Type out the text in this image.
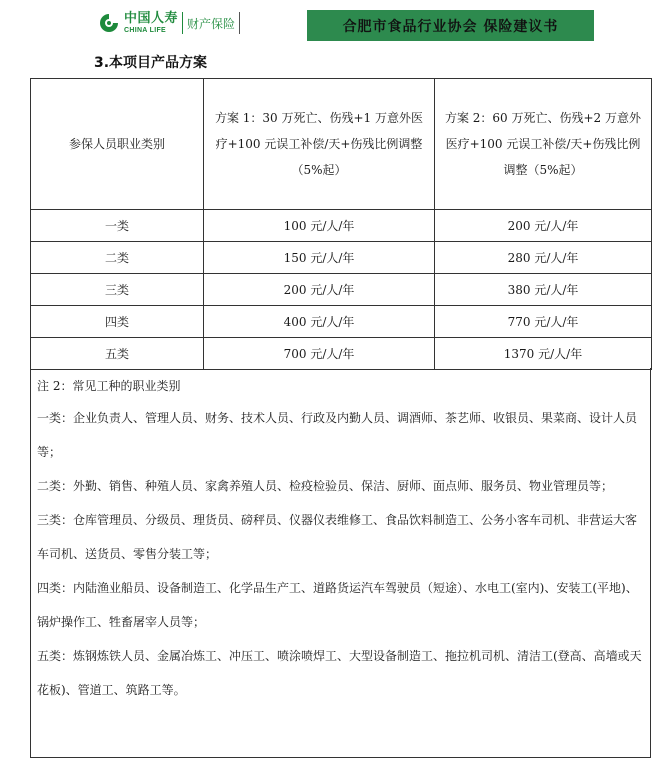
中国人寿
CHINA LIFE	财产保险	合肥市食品行业协会 保险建议书
3.本项目产品方案
参保人员职业类别	方案 1：30 万死亡、伤残+1 万意外医疗+100 元误工补偿/天+伤残比例调整（5%起）	方案 2：60 万死亡、伤残+2 万意外医疗+100 元误工补偿/天+伤残比例调整（5%起）
一类	100 元/人/年	200 元/人/年
二类	150 元/人/年	280 元/人/年
三类	200 元/人/年	380 元/人/年
四类	400 元/人/年	770 元/人/年
五类	700 元/人/年	1370 元/人/年

注 2：常见工种的职业类别

一类：企业负责人、管理人员、财务、技术人员、行政及内勤人员、调酒师、茶艺师、收银员、果菜商、设计人员等；

二类：外勤、销售、种殖人员、家禽养殖人员、检疫检验员、保洁、厨师、面点师、服务员、物业管理员等；

三类：仓库管理员、分级员、理货员、磅秤员、仪器仪表维修工、食品饮料制造工、公务小客车司机、非营运大客车司机、送货员、零售分装工等；

四类：内陆渔业船员、设备制造工、化学品生产工、道路货运汽车驾驶员（短途）、水电工(室内)、安装工(平地)、锅炉操作工、牲畜屠宰人员等；

五类：炼钢炼铁人员、金属冶炼工、冲压工、喷涂喷焊工、大型设备制造工、拖拉机司机、清洁工(登高、高墙或天花板)、管道工、筑路工等。
